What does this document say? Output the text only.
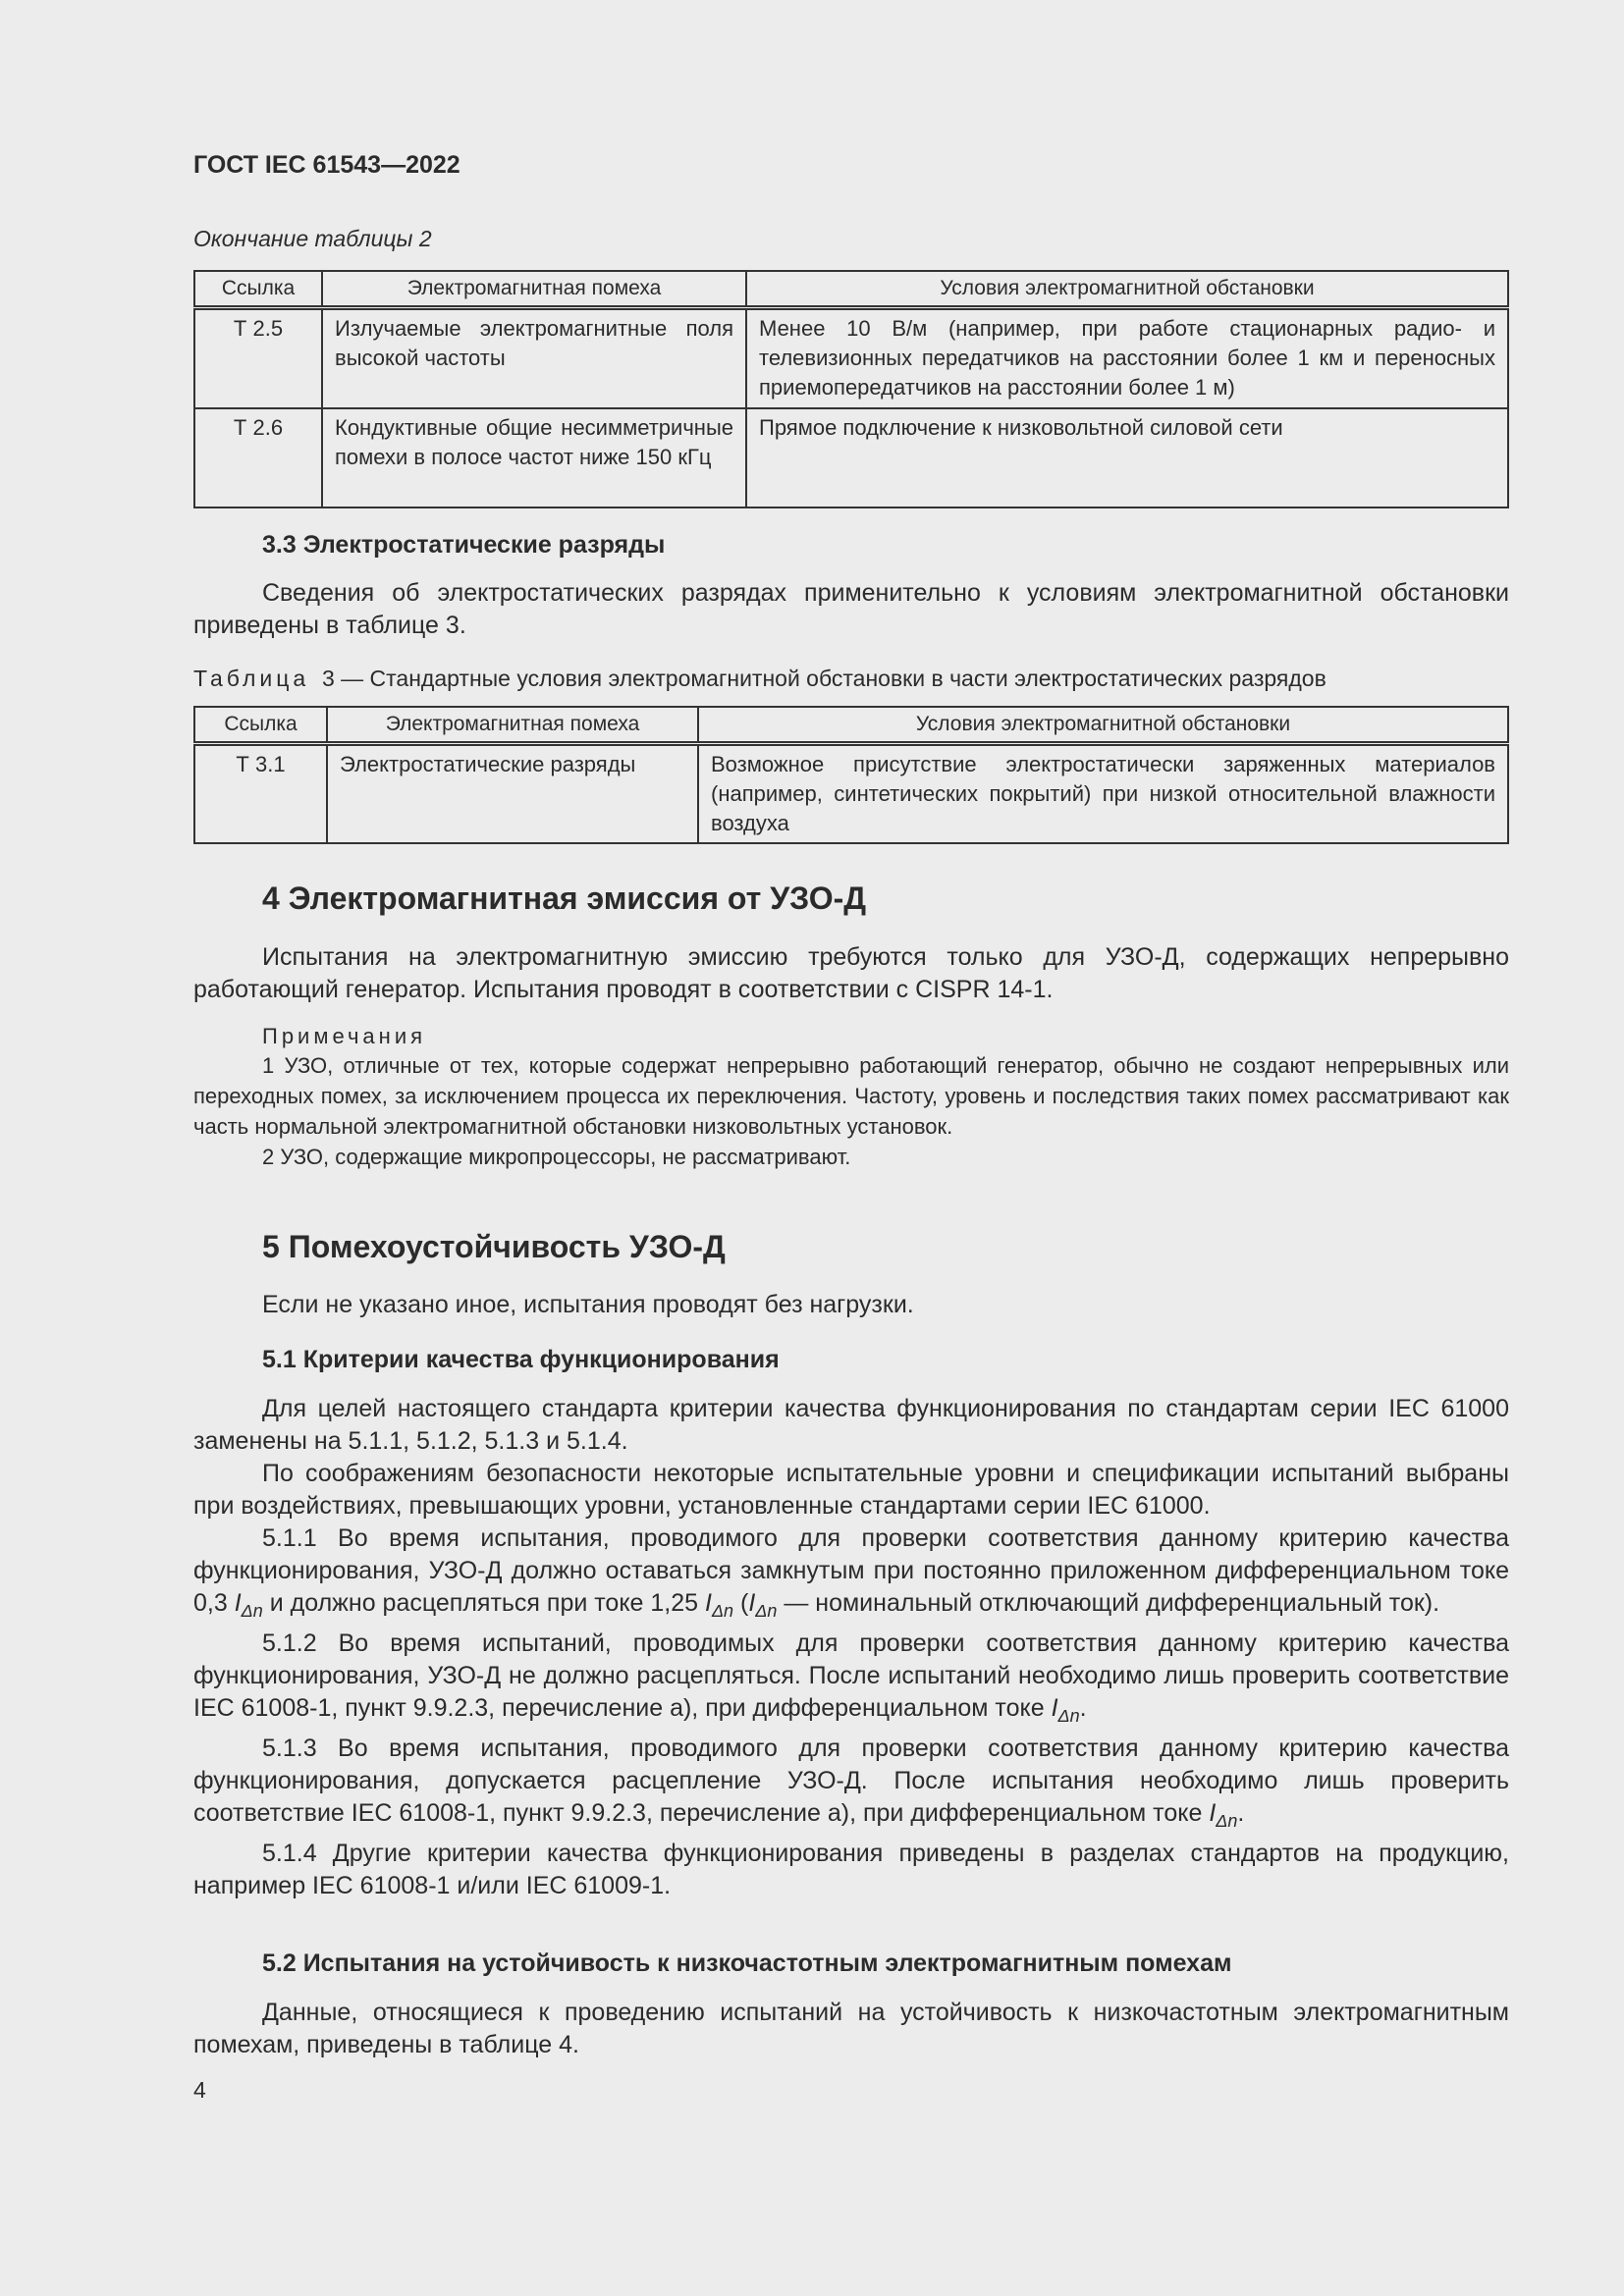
ГОСТ IEC 61543—2022
Окончание таблицы 2
Ссылка	Электромагнитная помеха	Условия электромагнитной обстановки
Т 2.5	Излучаемые электромагнитные поля высокой частоты	Менее 10 В/м (например, при работе стационарных радио- и телевизионных передатчиков на расстоянии более 1 км и переносных приемопередатчиков на расстоянии более 1 м)
Т 2.6	Кондуктивные общие несимметричные помехи в полосе частот ниже 150 кГц	Прямое подключение к низковольтной силовой сети
3.3 Электростатические разряды
Сведения об электростатических разрядах применительно к условиям электромагнитной обстановки приведены в таблице 3.
Таблица 3 — Стандартные условия электромагнитной обстановки в части электростатических разрядов
Ссылка	Электромагнитная помеха	Условия электромагнитной обстановки
Т 3.1	Электростатические разряды	Возможное присутствие электростатически заряженных материалов (например, синтетических покрытий) при низкой относительной влажности воздуха
4 Электромагнитная эмиссия от УЗО-Д
Испытания на электромагнитную эмиссию требуются только для УЗО-Д, содержащих непрерывно работающий генератор. Испытания проводят в соответствии с CISPR 14-1.
Примечания
1 УЗО, отличные от тех, которые содержат непрерывно работающий генератор, обычно не создают непрерывных или переходных помех, за исключением процесса их переключения. Частоту, уровень и последствия таких помех рассматривают как часть нормальной электромагнитной обстановки низковольтных установок.
2 УЗО, содержащие микропроцессоры, не рассматривают.
5 Помехоустойчивость УЗО-Д
Если не указано иное, испытания проводят без нагрузки.
5.1 Критерии качества функционирования
Для целей настоящего стандарта критерии качества функционирования по стандартам серии IEC 61000 заменены на 5.1.1, 5.1.2, 5.1.3 и 5.1.4.
По соображениям безопасности некоторые испытательные уровни и спецификации испытаний выбраны при воздействиях, превышающих уровни, установленные стандартами серии IEC 61000.
5.1.1 Во время испытания, проводимого для проверки соответствия данному критерию качества функционирования, УЗО-Д должно оставаться замкнутым при постоянно приложенном дифференциальном токе 0,3 $I_{\Delta n}$ и должно расцепляться при токе 1,25 $I_{\Delta n}$ ($I_{\Delta n}$ — номинальный отключающий дифференциальный ток).
5.1.2 Во время испытаний, проводимых для проверки соответствия данному критерию качества функционирования, УЗО-Д не должно расцепляться. После испытаний необходимо лишь проверить соответствие IEC 61008-1, пункт 9.9.2.3, перечисление а), при дифференциальном токе $I_{\Delta n}$.
5.1.3 Во время испытания, проводимого для проверки соответствия данному критерию качества функционирования, допускается расцепление УЗО-Д. После испытания необходимо лишь проверить соответствие IEC 61008-1, пункт 9.9.2.3, перечисление а), при дифференциальном токе $I_{\Delta n}$.
5.1.4 Другие критерии качества функционирования приведены в разделах стандартов на продукцию, например IEC 61008-1 и/или IEC 61009-1.
5.2 Испытания на устойчивость к низкочастотным электромагнитным помехам
Данные, относящиеся к проведению испытаний на устойчивость к низкочастотным электромагнитным помехам, приведены в таблице 4.
4
